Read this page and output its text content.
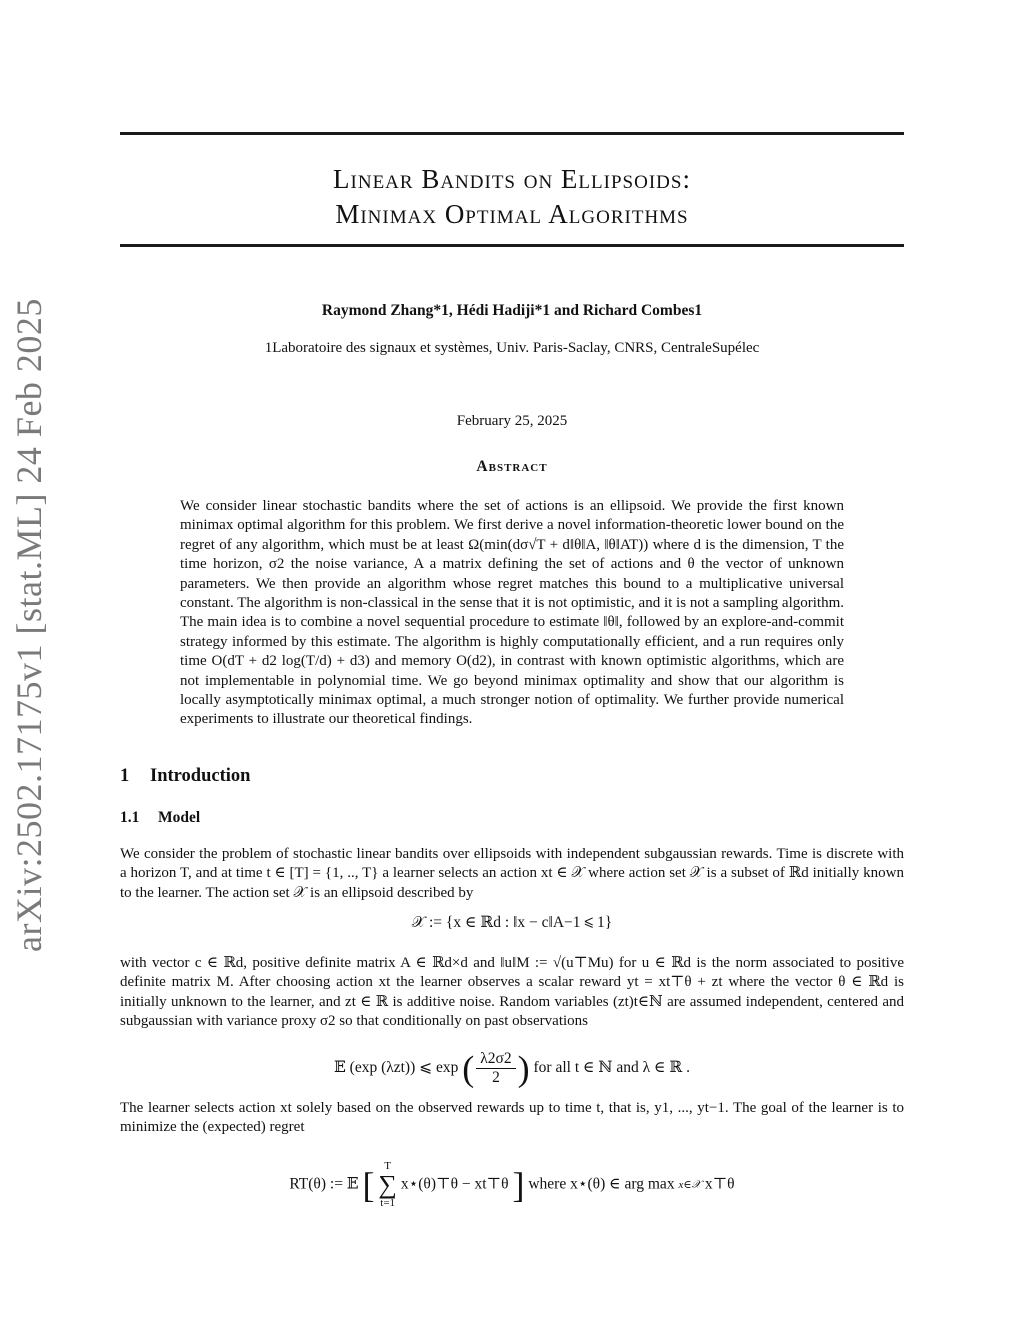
arXiv:2502.17175v1 [stat.ML] 24 Feb 2025
Linear Bandits on Ellipsoids:
Minimax Optimal Algorithms
Raymond Zhang*1, Hédi Hadiji*1 and Richard Combes1
1Laboratoire des signaux et systèmes, Univ. Paris-Saclay, CNRS, CentraleSupélec
February 25, 2025
Abstract

We consider linear stochastic bandits where the set of actions is an ellipsoid. We provide the first known minimax optimal algorithm for this problem. We first derive a novel information-theoretic lower bound on the regret of any algorithm, which must be at least Ω(min(dσ√T + d‖θ‖A, ‖θ‖AT)) where d is the dimension, T the time horizon, σ2 the noise variance, A a matrix defining the set of actions and θ the vector of unknown parameters. We then provide an algorithm whose regret matches this bound to a multiplicative universal constant. The algorithm is non-classical in the sense that it is not optimistic, and it is not a sampling algorithm. The main idea is to combine a novel sequential procedure to estimate ‖θ‖, followed by an explore-and-commit strategy informed by this estimate. The algorithm is highly computationally efficient, and a run requires only time O(dT + d2 log(T/d) + d3) and memory O(d2), in contrast with known optimistic algorithms, which are not implementable in polynomial time. We go beyond minimax optimality and show that our algorithm is locally asymptotically minimax optimal, a much stronger notion of optimality. We further provide numerical experiments to illustrate our theoretical findings.

1 Introduction
1.1 Model

We consider the problem of stochastic linear bandits over ellipsoids with independent subgaussian rewards. Time is discrete with a horizon T, and at time t ∈ [T] = {1, .., T} a learner selects an action xt ∈ 𝒳 where action set 𝒳 is a subset of ℝd initially known to the learner. The action set 𝒳 is an ellipsoid described by

𝒳 := {x ∈ ℝd : ‖x − c‖A−1 ⩽ 1}

with vector c ∈ ℝd, positive definite matrix A ∈ ℝd×d and ‖u‖M := √(u⊤Mu) for u ∈ ℝd is the norm associated to positive definite matrix M. After choosing action xt the learner observes a scalar reward yt = xt⊤θ + zt where the vector θ ∈ ℝd is initially unknown to the learner, and zt ∈ ℝ is additive noise. Random variables (zt)t∈ℕ are assumed independent, centered and subgaussian with variance proxy σ2 so that conditionally on past observations

𝔼 (exp (λzt)) ⩽ exp ( $\frac{\lambda 2\sigma 2}{2}$ ) for all t ∈ ℕ and λ ∈ ℝ .

The learner selects action xt solely based on the observed rewards up to time t, that is, y1, ..., yt−1. The goal of the learner is to minimize the (expected) regret

RT(θ) := 𝔼 [ T
∑
t=1 x⋆(θ)⊤θ − xt⊤θ ] where x⋆(θ) ∈ arg max x∈𝒳 x⊤θ
